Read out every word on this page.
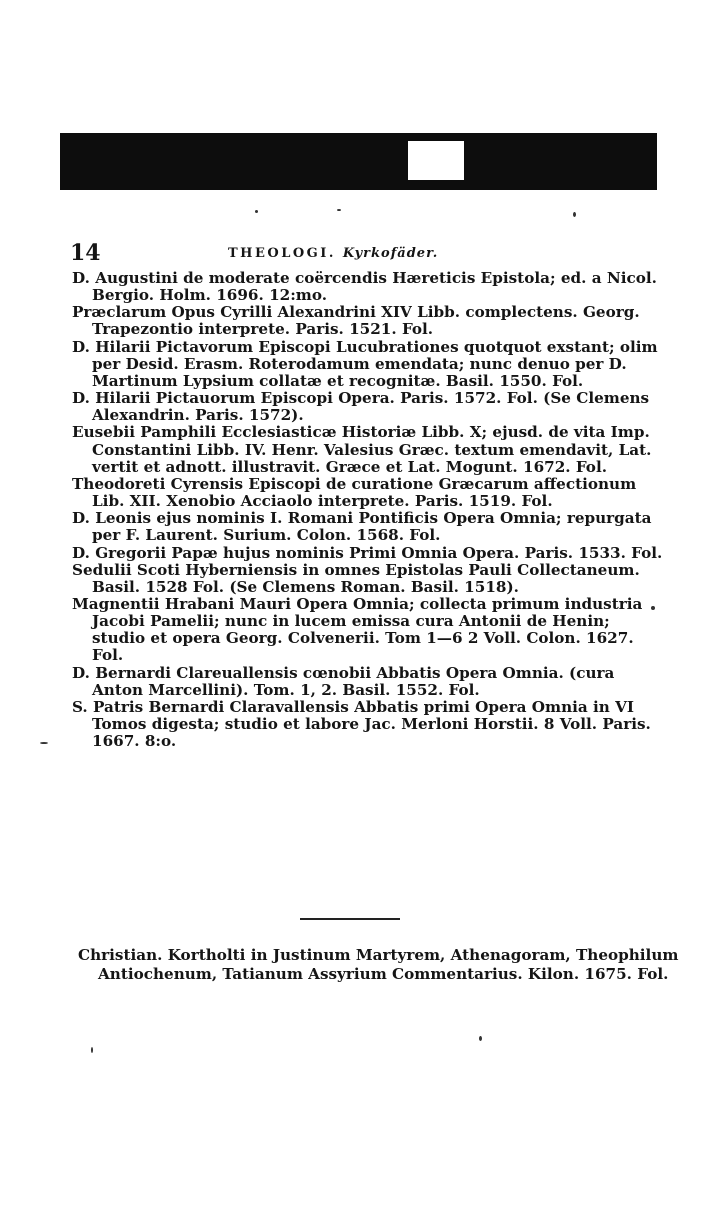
14	THEOLOGI. Kyrkofäder.

D. Augustini de moderate coërcendis Hæreticis Epistola; ed. a Nicol. Bergio. Holm. 1696. 12:mo.

Præclarum Opus Cyrilli Alexandrini XIV Libb. complectens. Georg. Trapezontio interprete. Paris. 1521. Fol.

D. Hilarii Pictavorum Episcopi Lucubrationes quotquot exstant; olim per Desid. Erasm. Roterodamum emendata; nunc denuo per D. Martinum Lypsium collatæ et recognitæ. Basil. 1550. Fol.

D. Hilarii Pictauorum Episcopi Opera. Paris. 1572. Fol. (Se Clemens Alexandrin. Paris. 1572).

Eusebii Pamphili Ecclesiasticæ Historiæ Libb. X; ejusd. de vita Imp. Constantini Libb. IV. Henr. Valesius Græc. textum emendavit, Lat. vertit et adnott. illustravit. Græce et Lat. Mogunt. 1672. Fol.

Theodoreti Cyrensis Episcopi de curatione Græcarum affectionum Lib. XII. Xenobio Acciaolo interprete. Paris. 1519. Fol.

D. Leonis ejus nominis I. Romani Pontificis Opera Omnia; repurgata per F. Laurent. Surium. Colon. 1568. Fol.

D. Gregorii Papæ hujus nominis Primi Omnia Opera. Paris. 1533. Fol.

Sedulii Scoti Hyberniensis in omnes Epistolas Pauli Collectaneum. Basil. 1528 Fol. (Se Clemens Roman. Basil. 1518).

Magnentii Hrabani Mauri Opera Omnia; collecta primum industria Jacobi Pamelii; nunc in lucem emissa cura Antonii de Henin; studio et opera Georg. Colvenerii. Tom 1—6 2 Voll. Colon. 1627. Fol.

D. Bernardi Clareuallensis cœnobii Abbatis Opera Omnia. (cura Anton Marcellini). Tom. 1, 2. Basil. 1552. Fol.

S. Patris Bernardi Claravallensis Abbatis primi Opera Omnia in VI Tomos digesta; studio et labore Jac. Merloni Horstii. 8 Voll. Paris. 1667. 8:o.

Christian. Kortholti in Justinum Martyrem, Athenagoram, Theophilum Antiochenum, Tatianum Assyrium Commentarius. Kilon. 1675. Fol.
